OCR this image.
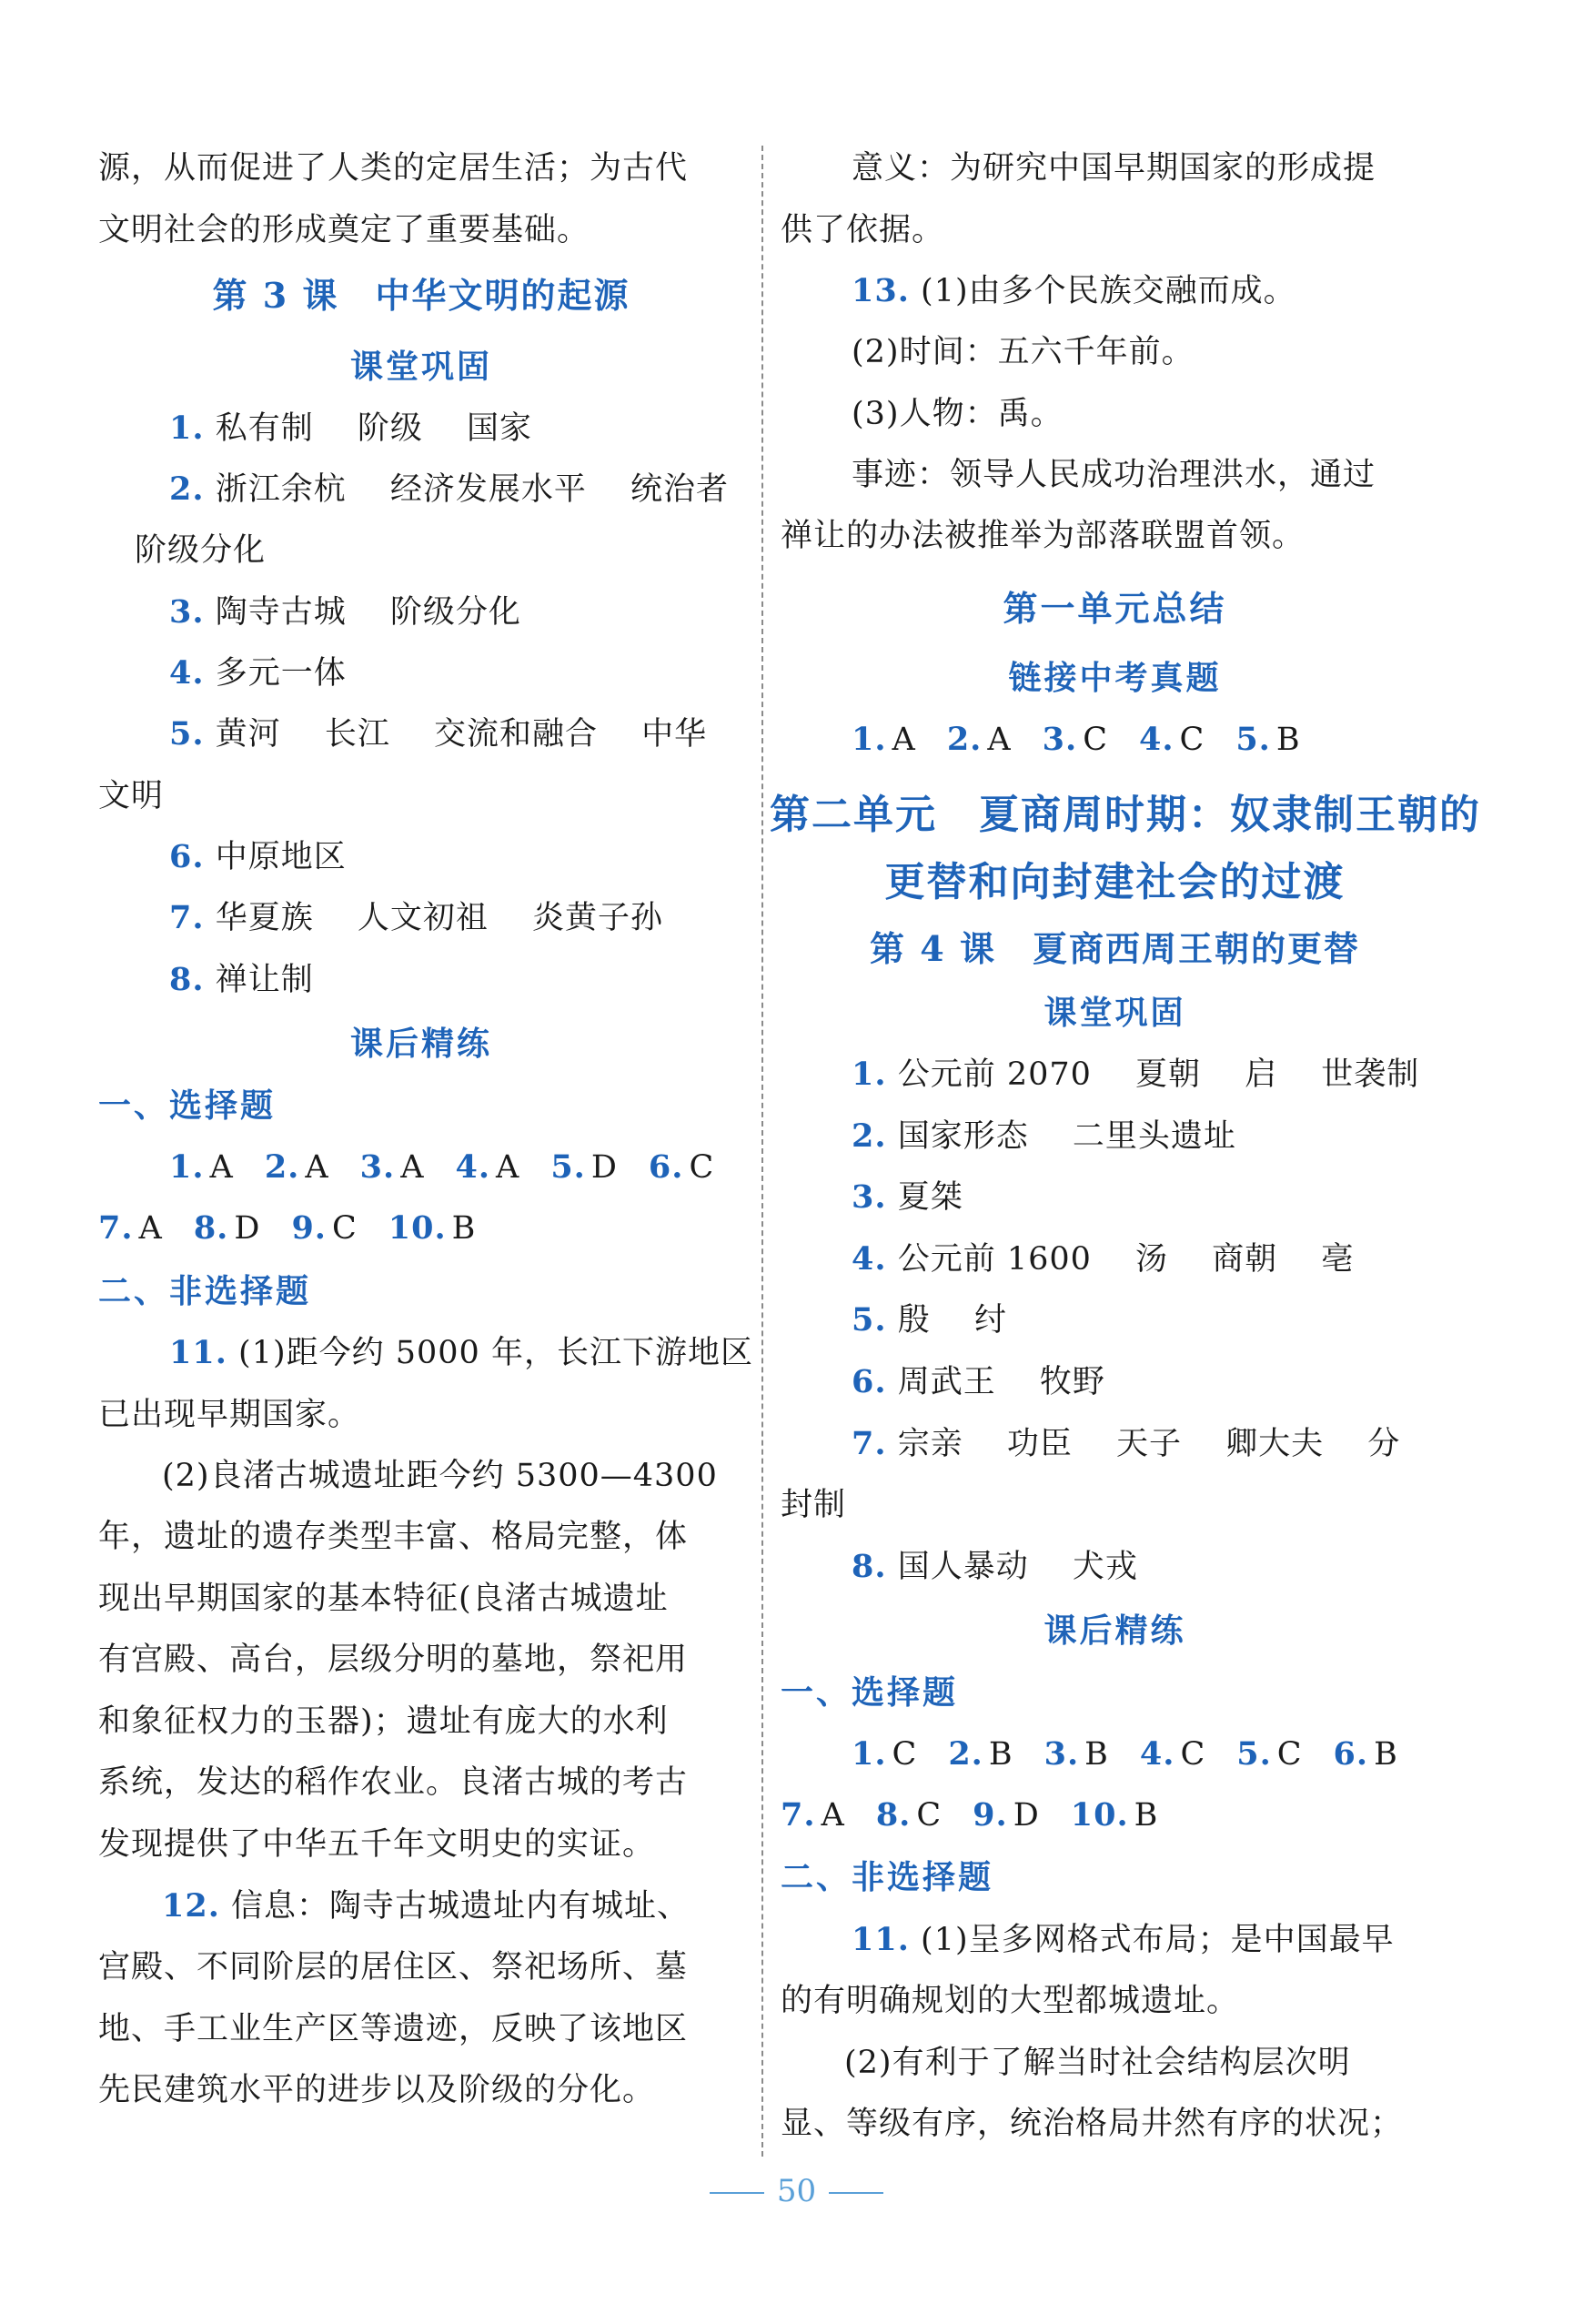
源，从而促进了人类的定居生活；为古代
文明社会的形成奠定了重要基础。
第 3 课　中华文明的起源
课堂巩固
1. 私有制　 阶级　 国家
2. 浙江余杭　 经济发展水平　 统治者
阶级分化
3. 陶寺古城　 阶级分化
4. 多元一体
5. 黄河　 长江　 交流和融合　 中华
文明
6. 中原地区
7. 华夏族　 人文初祖　 炎黄子孙
8. 禅让制
课后精练
一、选择题
1. A 2. A 3. A 4. A 5. D 6. C
7. A 8. D 9. C 10. B
二、非选择题
11. (1)距今约 5000 年，长江下游地区
已出现早期国家。
(2)良渚古城遗址距今约 5300—4300
年，遗址的遗存类型丰富、格局完整，体
现出早期国家的基本特征(良渚古城遗址
有宫殿、高台，层级分明的墓地，祭祀用
和象征权力的玉器)；遗址有庞大的水利
系统，发达的稻作农业。良渚古城的考古
发现提供了中华五千年文明史的实证。
12. 信息：陶寺古城遗址内有城址、
宫殿、不同阶层的居住区、祭祀场所、墓
地、手工业生产区等遗迹，反映了该地区
先民建筑水平的进步以及阶级的分化。
意义：为研究中国早期国家的形成提
供了依据。
13. (1)由多个民族交融而成。
(2)时间：五六千年前。
(3)人物：禹。
事迹：领导人民成功治理洪水，通过
禅让的办法被推举为部落联盟首领。
第一单元总结
链接中考真题
1. A 2. A 3. C 4. C 5. B
第二单元　夏商周时期：奴隶制王朝的
更替和向封建社会的过渡
第 4 课　夏商西周王朝的更替
课堂巩固
1. 公元前 2070　 夏朝　 启　 世袭制
2. 国家形态　 二里头遗址
3. 夏桀
4. 公元前 1600　 汤　 商朝　 亳
5. 殷　 纣
6. 周武王　 牧野
7. 宗亲　 功臣　 天子　 卿大夫　 分
封制
8. 国人暴动　 犬戎
课后精练
一、选择题
1. C 2. B 3. B 4. C 5. C 6. B
7. A 8. C 9. D 10. B
二、非选择题
11. (1)呈多网格式布局；是中国最早
的有明确规划的大型都城遗址。
(2)有利于了解当时社会结构层次明
显、等级有序，统治格局井然有序的状况；
50
